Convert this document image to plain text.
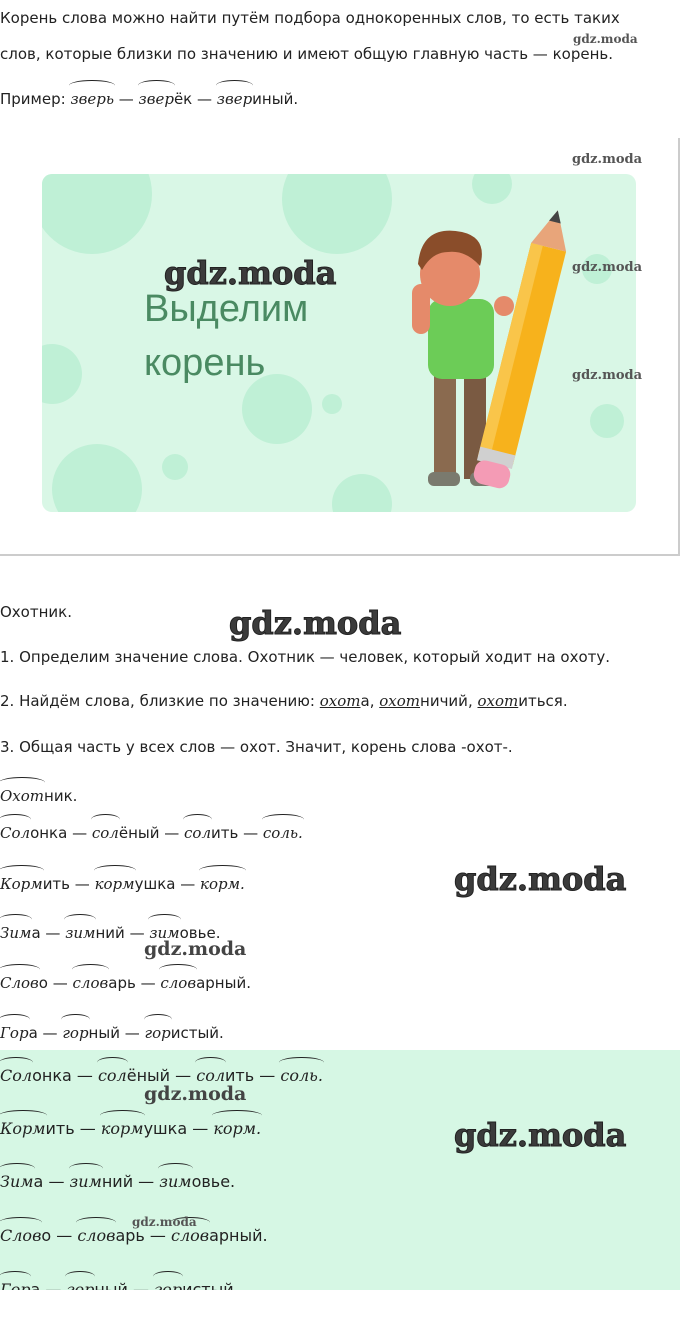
Корень слова можно найти путём подбора однокоренных слов, то есть таких
слов, которые близки по значению и имеют общую главную часть — корень.
Пример: зверь — зверёк — звериный.
gdz.moda
gdz.moda
Выделим
корень
gdz.moda	gdz.moda
gdz.moda
Охотник.	gdz.moda
1. Определим значение слова. Охотник — человек, который ходит на охоту.
2. Найдём слова, близкие по значению: охота, охотничий, охотиться.
3. Общая часть у всех слов — охот. Значит, корень слова -охот-.
Охотник.
Солонка — солёный — солить — соль.
Кормить — кормушка — корм.	gdz.moda
Зима — зимний — зимовье.
gdz.moda
Слово — словарь — словарный.
Гора — горный — гористый.
Солонка — солёный — солить — соль.
gdz.moda
Кормить — кормушка — корм.	gdz.moda
Зима — зимний — зимовье.
Слово — словарь — словарный.
gdz.moda
